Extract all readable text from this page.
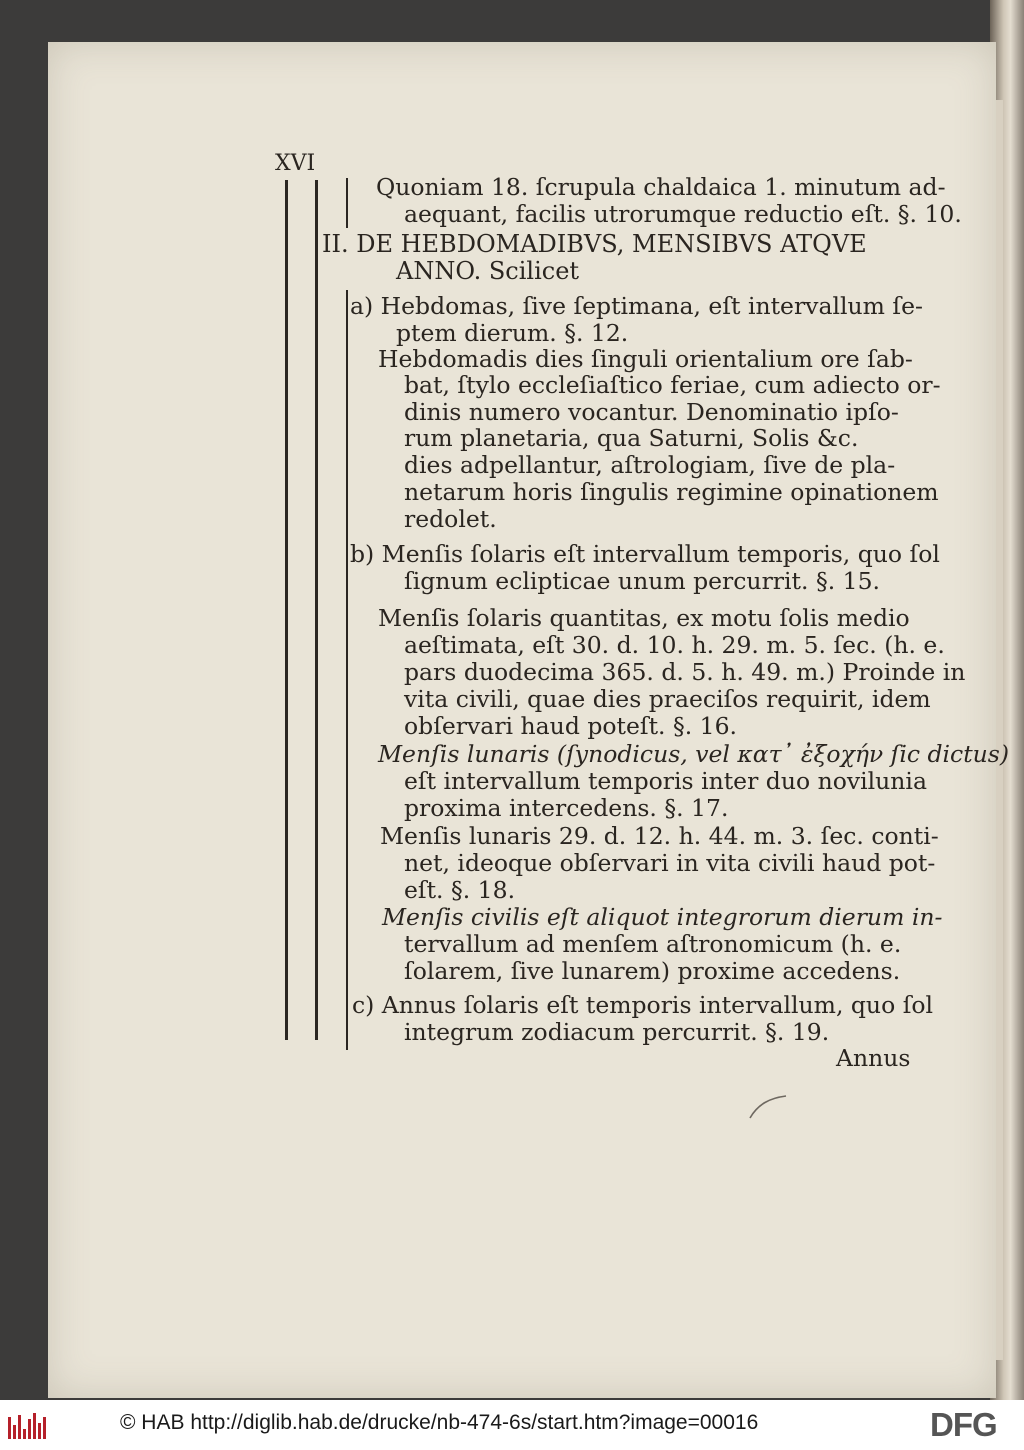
XVI
Quoniam 18. ſcrupula chaldaica 1. minutum ad-
aequant, facilis utrorumque reductio eſt. §. 10.
II. DE HEBDOMADIBVS, MENSIBVS ATQVE
ANNO. Scilicet
a) Hebdomas, ſive ſeptimana, eſt intervallum ſe-
ptem dierum. §. 12.
Hebdomadis dies ſinguli orientalium ore ſab-
bat, ſtylo eccleſiaſtico feriae, cum adiecto or-
dinis numero vocantur. Denominatio ipſo-
rum planetaria, qua Saturni, Solis &c.
dies adpellantur, aſtrologiam, ſive de pla-
netarum horis ſingulis regimine opinationem
redolet.
b) Menſis ſolaris eſt intervallum temporis, quo ſol
ſignum eclipticae unum percurrit. §. 15.
Menſis ſolaris quantitas, ex motu ſolis medio
aeſtimata, eſt 30. d. 10. h. 29. m. 5. ſec. (h. e.
pars duodecima 365. d. 5. h. 49. m.) Proinde in
vita civili, quae dies praeciſos requirit, idem
obſervari haud poteſt. §. 16.
Menſis lunaris (ſynodicus, vel κατ᾽ ἐξοχήν ſic dictus)
eſt intervallum temporis inter duo novilunia
proxima intercedens. §. 17.
Menſis lunaris 29. d. 12. h. 44. m. 3. ſec. conti-
net, ideoque obſervari in vita civili haud pot-
eſt. §. 18.
Menſis civilis eſt aliquot integrorum dierum in-
tervallum ad menſem aſtronomicum (h. e.
ſolarem, ſive lunarem) proxime accedens.
c) Annus ſolaris eſt temporis intervallum, quo ſol
integrum zodiacum percurrit. §. 19.
Annus
© HAB http://diglib.hab.de/drucke/nb-474-6s/start.htm?image=00016	DFG
